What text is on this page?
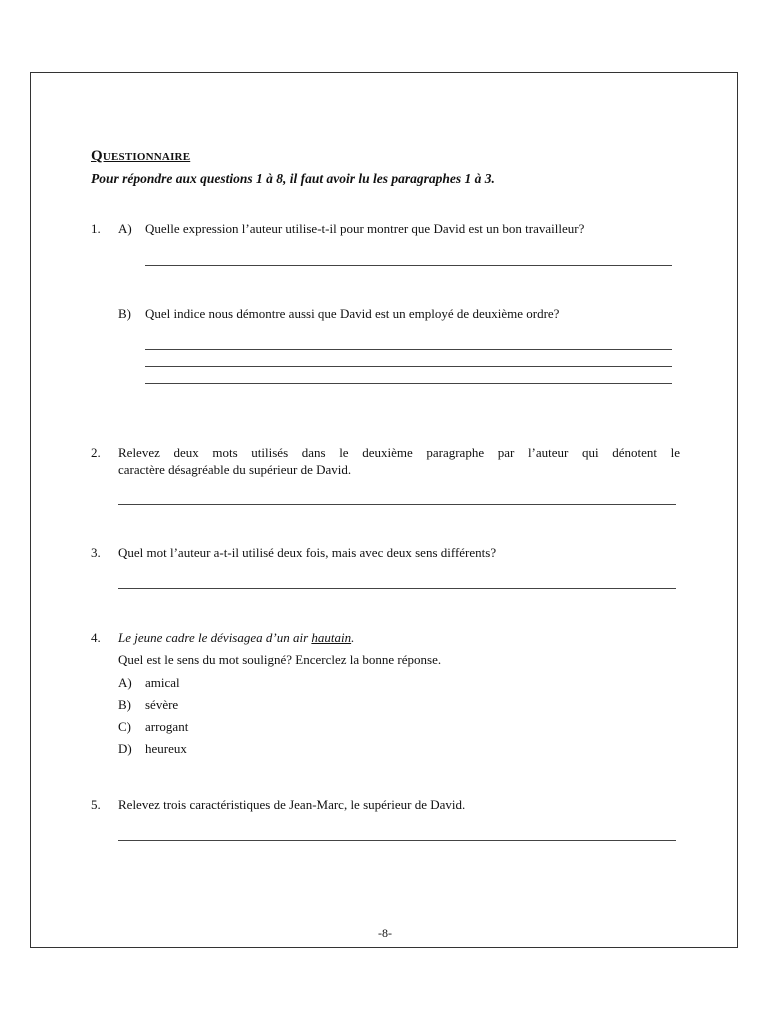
Questionnaire
Pour répondre aux questions 1 à 8, il faut avoir lu les paragraphes 1 à 3.
1. A) Quelle expression l’auteur utilise-t-il pour montrer que David est un bon travailleur?
B) Quel indice nous démontre aussi que David est un employé de deuxième ordre?
2. Relevez deux mots utilisés dans le deuxième paragraphe par l’auteur qui dénotent le
caractère désagréable du supérieur de David.
3. Quel mot l’auteur a-t-il utilisé deux fois, mais avec deux sens différents?
4. Le jeune cadre le dévisagea d’un air hautain.
Quel est le sens du mot souligné? Encerclez la bonne réponse.
A) amical
B) sévère
C) arrogant
D) heureux
5. Relevez trois caractéristiques de Jean-Marc, le supérieur de David.
-8-
